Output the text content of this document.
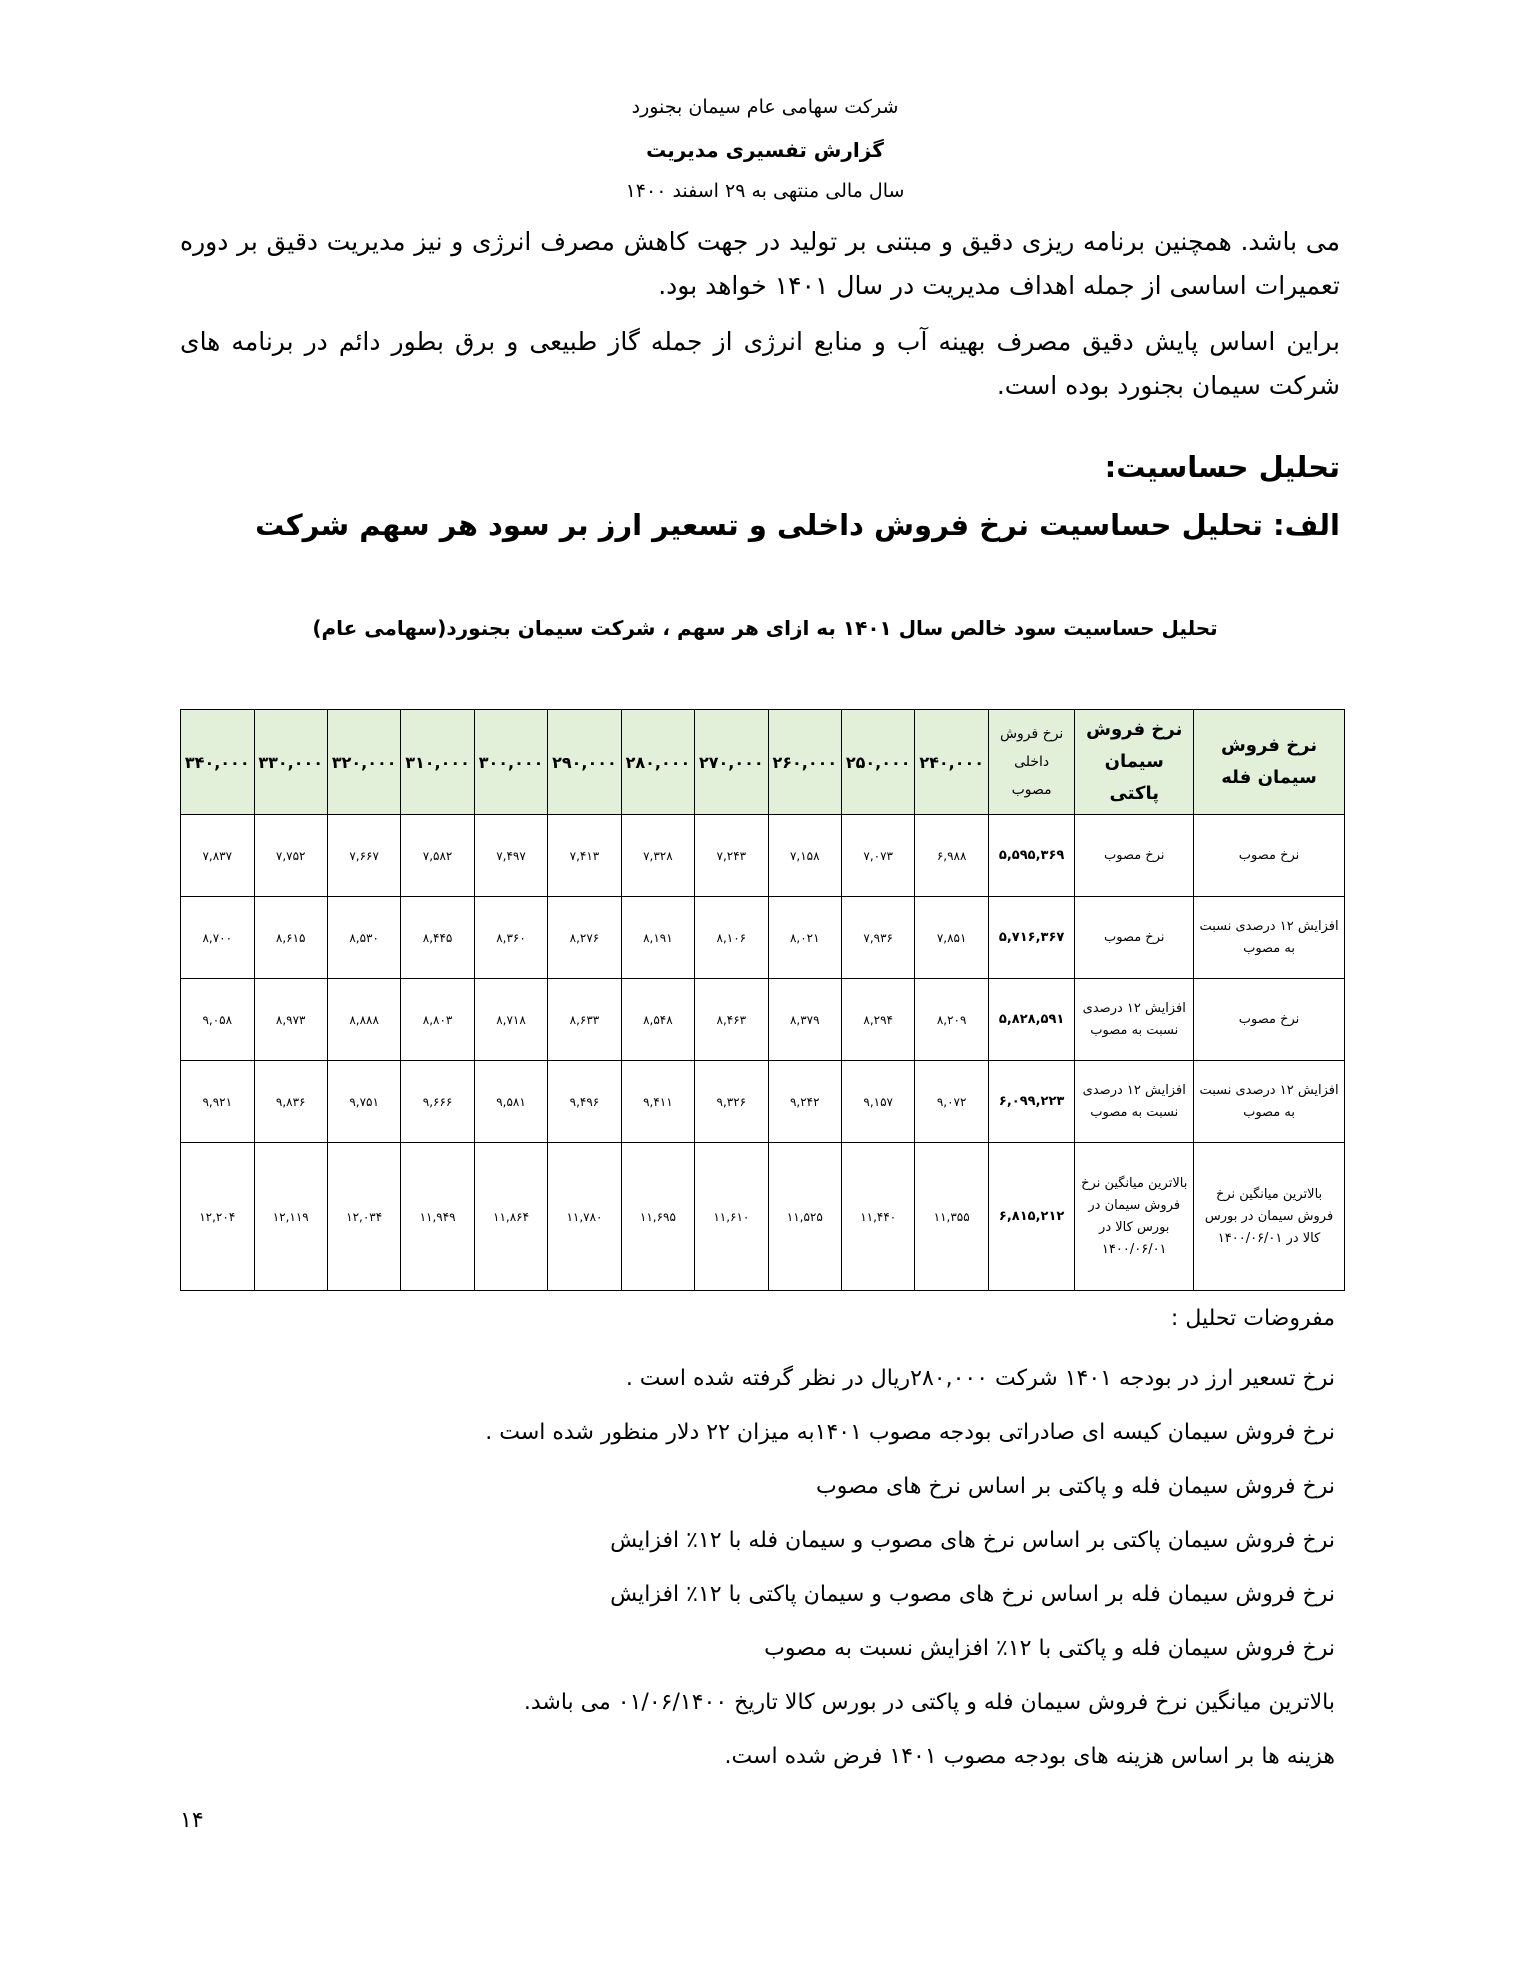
شرکت سهامی عام سیمان بجنورد
گزارش تفسیری مدیریت
سال مالی منتهی به ۲۹ اسفند ۱۴۰۰
می باشد. همچنین برنامه ریزی دقیق و مبتنی بر تولید در جهت کاهش مصرف انرژی و نیز مدیریت دقیق بر دوره تعمیرات اساسی از جمله اهداف مدیریت در سال ۱۴۰۱ خواهد بود.
براین اساس پایش دقیق مصرف بهینه آب و منابع انرژی از جمله گاز طبیعی و برق بطور دائم در برنامه های شرکت سیمان بجنورد بوده است.
تحلیل حساسیت:
الف: تحلیل حساسیت نرخ فروش داخلی و تسعیر ارز بر سود هر سهم شرکت
تحلیل حساسیت سود خالص سال ۱۴۰۱ به ازای هر سهم ، شرکت سیمان بجنورد(سهامی عام)
نرخ فروش سیمان فله	نرخ فروش سیمان پاکتی	نرخ فروش داخلی مصوب	۲۴۰,۰۰۰	۲۵۰,۰۰۰	۲۶۰,۰۰۰	۲۷۰,۰۰۰	۲۸۰,۰۰۰	۲۹۰,۰۰۰	۳۰۰,۰۰۰	۳۱۰,۰۰۰	۳۲۰,۰۰۰	۳۳۰,۰۰۰	۳۴۰,۰۰۰
نرخ مصوب	نرخ مصوب	۵,۵۹۵,۳۶۹	۶,۹۸۸	۷,۰۷۳	۷,۱۵۸	۷,۲۴۳	۷,۳۲۸	۷,۴۱۳	۷,۴۹۷	۷,۵۸۲	۷,۶۶۷	۷,۷۵۲	۷,۸۳۷
افزایش ۱۲ درصدی نسبت به مصوب	نرخ مصوب	۵,۷۱۶,۳۶۷	۷,۸۵۱	۷,۹۳۶	۸,۰۲۱	۸,۱۰۶	۸,۱۹۱	۸,۲۷۶	۸,۳۶۰	۸,۴۴۵	۸,۵۳۰	۸,۶۱۵	۸,۷۰۰
نرخ مصوب	افزایش ۱۲ درصدی نسبت به مصوب	۵,۸۲۸,۵۹۱	۸,۲۰۹	۸,۲۹۴	۸,۳۷۹	۸,۴۶۳	۸,۵۴۸	۸,۶۳۳	۸,۷۱۸	۸,۸۰۳	۸,۸۸۸	۸,۹۷۳	۹,۰۵۸
افزایش ۱۲ درصدی نسبت به مصوب	افزایش ۱۲ درصدی نسبت به مصوب	۶,۰۹۹,۲۲۳	۹,۰۷۲	۹,۱۵۷	۹,۲۴۲	۹,۳۲۶	۹,۴۱۱	۹,۴۹۶	۹,۵۸۱	۹,۶۶۶	۹,۷۵۱	۹,۸۳۶	۹,۹۲۱
بالاترین میانگین نرخ فروش سیمان در بورس کالا در ۱۴۰۰/۰۶/۰۱	بالاترین میانگین نرخ فروش سیمان در بورس کالا در ۱۴۰۰/۰۶/۰۱	۶,۸۱۵,۲۱۲	۱۱,۳۵۵	۱۱,۴۴۰	۱۱,۵۲۵	۱۱,۶۱۰	۱۱,۶۹۵	۱۱,۷۸۰	۱۱,۸۶۴	۱۱,۹۴۹	۱۲,۰۳۴	۱۲,۱۱۹	۱۲,۲۰۴
مفروضات تحلیل :
نرخ تسعیر ارز در بودجه ۱۴۰۱ شرکت ۲۸۰,۰۰۰ریال در نظر گرفته شده است .
نرخ فروش سیمان کیسه ای صادراتی بودجه مصوب ۱۴۰۱به میزان ۲۲ دلار منظور شده است .
نرخ فروش سیمان فله و پاکتی بر اساس نرخ های مصوب
نرخ فروش سیمان پاکتی بر اساس نرخ های مصوب و سیمان فله با ۱۲٪ افزایش
نرخ فروش سیمان فله بر اساس نرخ های مصوب و سیمان پاکتی با ۱۲٪ افزایش
نرخ فروش سیمان فله و پاکتی با ۱۲٪ افزایش نسبت به مصوب
بالاترین میانگین نرخ فروش سیمان فله و پاکتی در بورس کالا تاریخ ۰۱/۰۶/۱۴۰۰ می باشد.
هزینه ها بر اساس هزینه های بودجه مصوب ۱۴۰۱ فرض شده است.
۱۴
